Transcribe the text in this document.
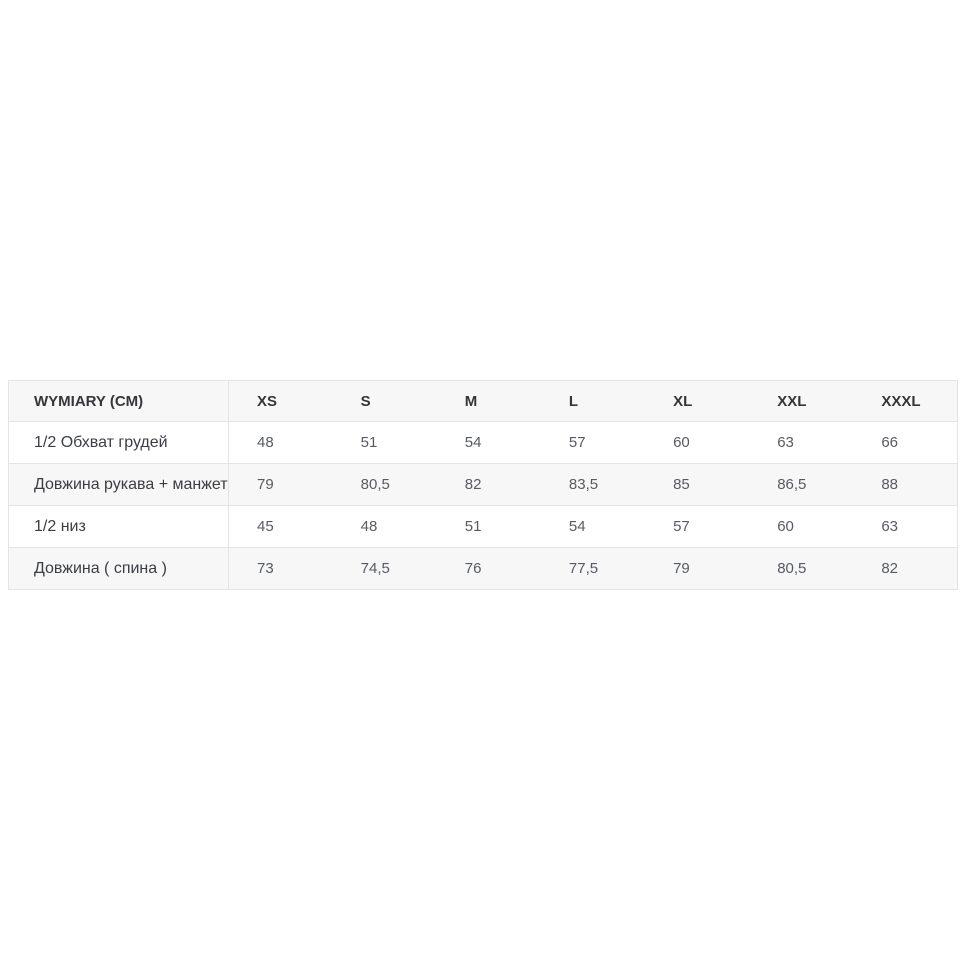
WYMIARY (CM)	XS	S	M	L	XL	XXL	XXXL
1/2 Обхват грудей	48	51	54	57	60	63	66
Довжина рукава + манжет	79	80,5	82	83,5	85	86,5	88
1/2 низ	45	48	51	54	57	60	63
Довжина ( спина )	73	74,5	76	77,5	79	80,5	82
